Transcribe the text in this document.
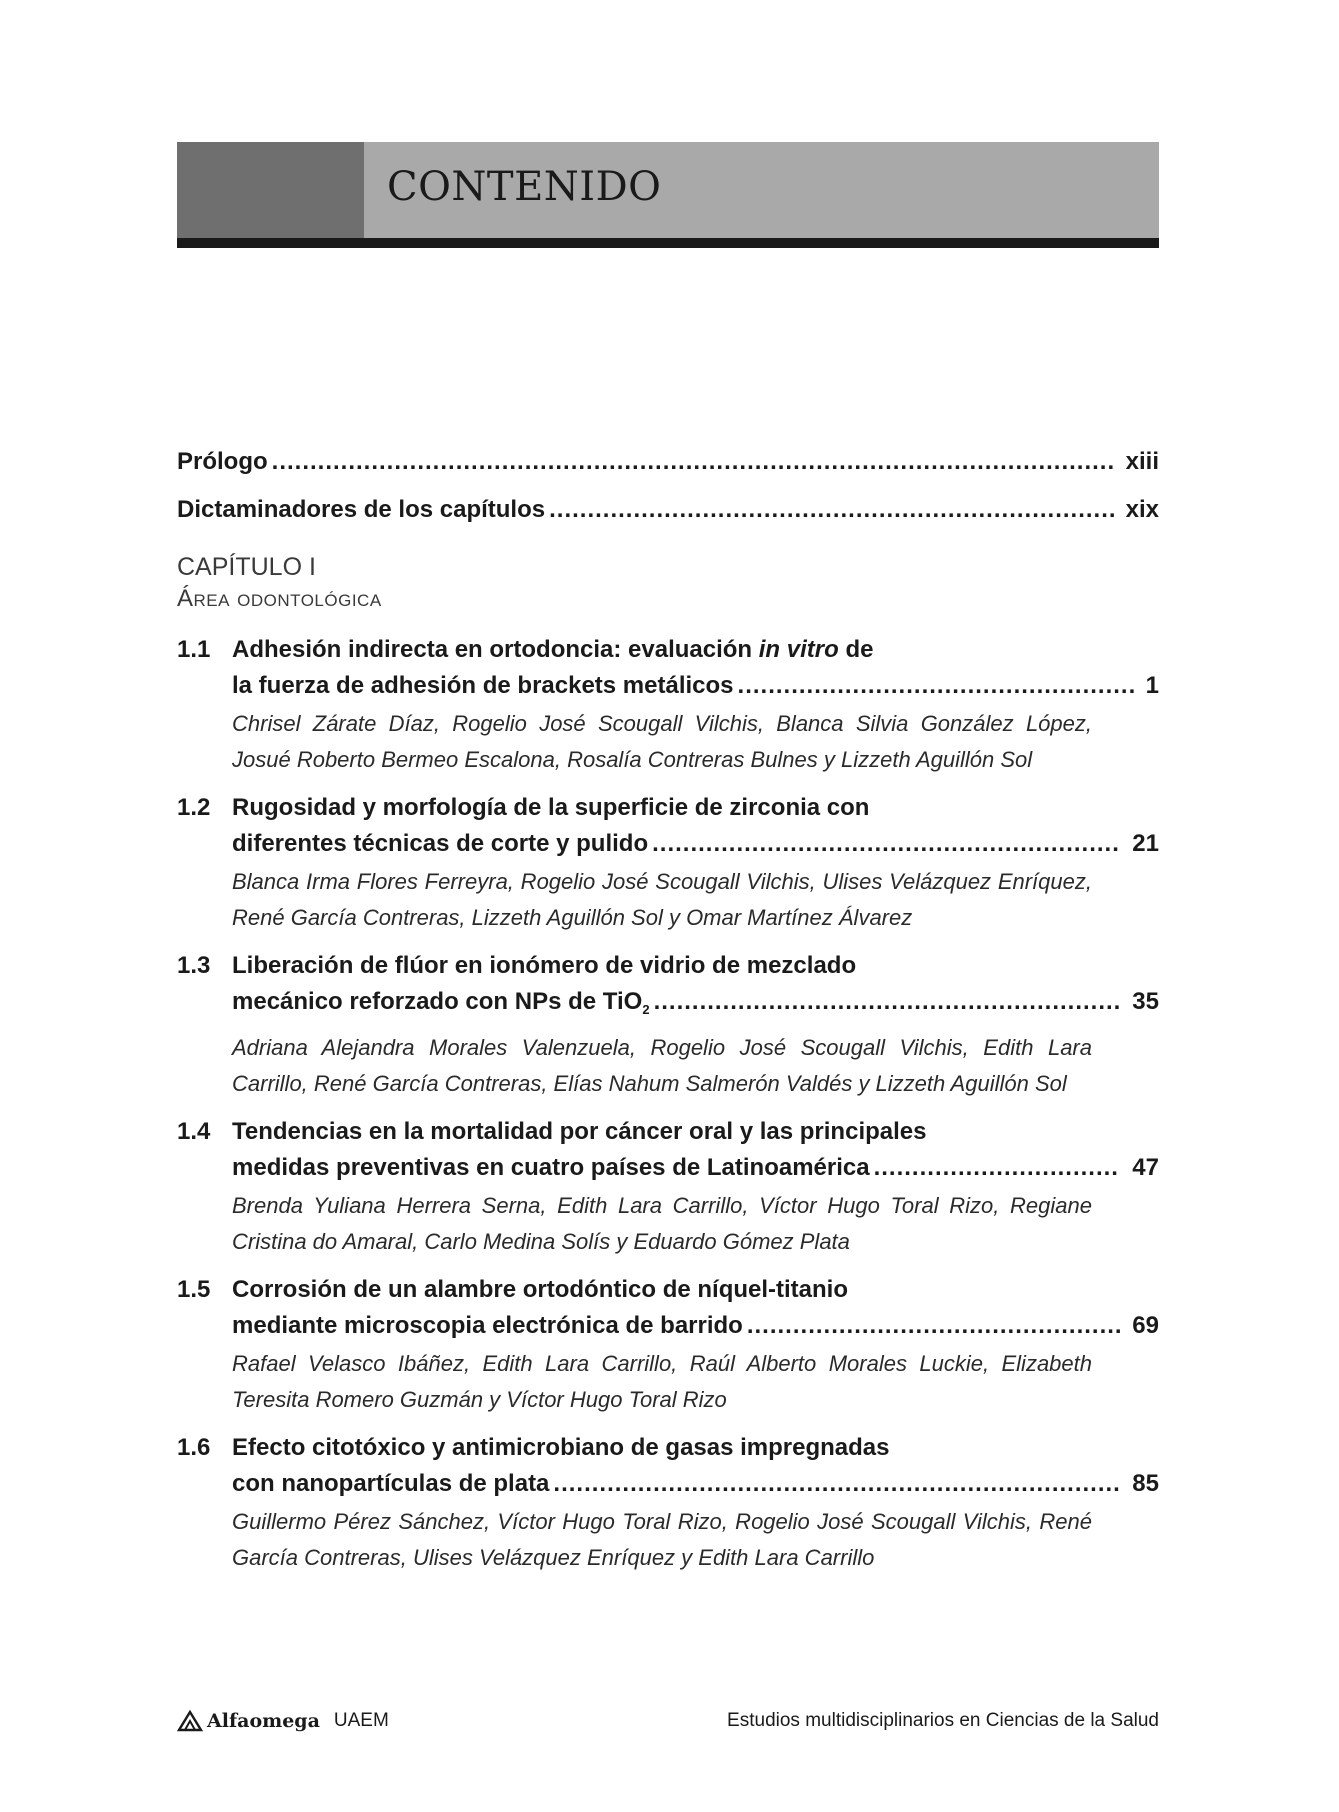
CONTENIDO
Prólogo .....	xiii
Dictaminadores de los capítulos .....	xix
CAPÍTULO I
Área odontológica
1.1 Adhesión indirecta en ortodoncia: evaluación in vitro de
la fuerza de adhesión de brackets metálicos .....	1
Chrisel Zárate Díaz, Rogelio José Scougall Vilchis, Blanca Silvia González López, Josué Roberto Bermeo Escalona, Rosalía Contreras Bulnes y Lizzeth Aguillón Sol
1.2 Rugosidad y morfología de la superficie de zirconia con
diferentes técnicas de corte y pulido .....	21
Blanca Irma Flores Ferreyra, Rogelio José Scougall Vilchis, Ulises Velázquez Enríquez, René García Contreras, Lizzeth Aguillón Sol y Omar Martínez Álvarez
1.3 Liberación de flúor en ionómero de vidrio de mezclado
mecánico reforzado con NPs de TiO$_2$ .....	35
Adriana Alejandra Morales Valenzuela, Rogelio José Scougall Vilchis, Edith Lara Carrillo, René García Contreras, Elías Nahum Salmerón Valdés y Lizzeth Aguillón Sol
1.4 Tendencias en la mortalidad por cáncer oral y las principales
medidas preventivas en cuatro países de Latinoamérica .....	47
Brenda Yuliana Herrera Serna, Edith Lara Carrillo, Víctor Hugo Toral Rizo, Regiane Cristina do Amaral, Carlo Medina Solís y Eduardo Gómez Plata
1.5 Corrosión de un alambre ortodóntico de níquel-titanio
mediante microscopia electrónica de barrido .....	69
Rafael Velasco Ibáñez, Edith Lara Carrillo, Raúl Alberto Morales Luckie, Elizabeth Teresita Romero Guzmán y Víctor Hugo Toral Rizo
1.6 Efecto citotóxico y antimicrobiano de gasas impregnadas
con nanopartículas de plata .....	85
Guillermo Pérez Sánchez, Víctor Hugo Toral Rizo, Rogelio José Scougall Vilchis, René García Contreras, Ulises Velázquez Enríquez y Edith Lara Carrillo
Alfaomega UAEM	Estudios multidisciplinarios en Ciencias de la Salud
